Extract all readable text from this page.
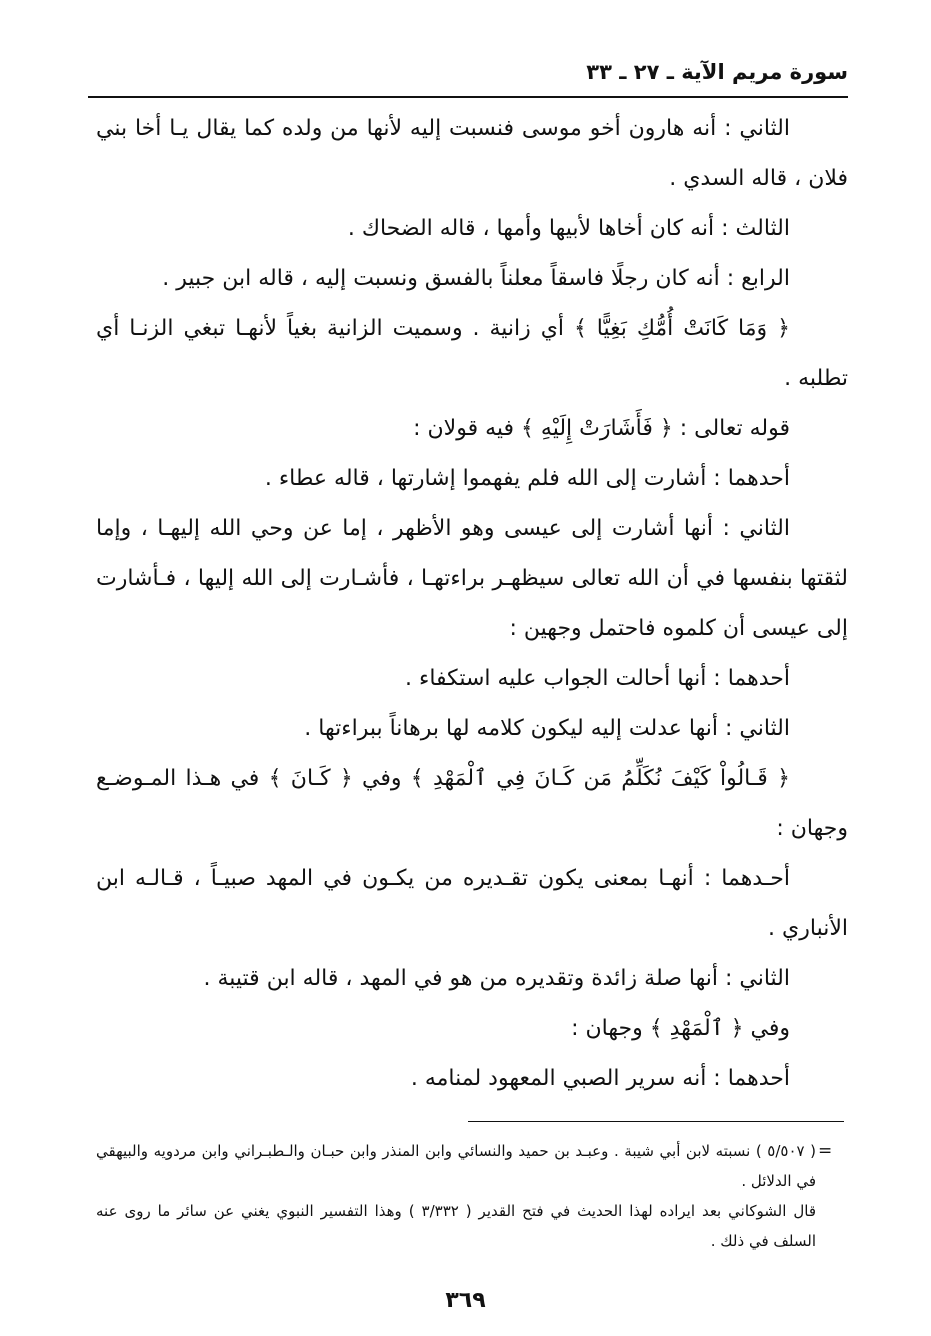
سورة مريم الآية ـ ٢٧ ـ ٣٣

الثاني : أنه هارون أخو موسى فنسبت إليه لأنها من ولده كما يقال يـا أخا بني فلان ، قاله السدي .

الثالث : أنه كان أخاها لأبيها وأمها ، قاله الضحاك .

الرابع : أنه كان رجلًا فاسقاً معلناً بالفسق ونسبت إليه ، قاله ابن جبير .

﴿ وَمَا كَانَتْ أُمُّكِ بَغِيًّا ﴾ أي زانية . وسميت الزانية بغياً لأنهـا تبغي الزنـا أي تطلبه .

قوله تعالى : ﴿ فَأَشَارَتْ إِلَيْهِ ﴾ فيه قولان :

أحدهما : أشارت إلى الله فلم يفهموا إشارتها ، قاله عطاء .

الثاني : أنها أشارت إلى عيسى وهو الأظهر ، إما عن وحي الله إليهـا ، وإما لثقتها بنفسها في أن الله تعالى سيظهـر براءتهـا ، فأشـارت إلى الله إليها ، فـأشارت إلى عيسى أن كلموه فاحتمل وجهين :

أحدهما : أنها أحالت الجواب عليه استكفاء .

الثاني : أنها عدلت إليه ليكون كلامه لها برهاناً ببراءتها .

﴿ قَـالُواْ كَيْفَ نُكَلِّمُ مَن كَـانَ فِي ٱلْمَهْدِ ﴾ وفي ﴿ كَـانَ ﴾ في هـذا المـوضـع وجهان :

أحـدهما : أنهـا بمعنى يكون تقـديره من يكـون في المهد صبيـاً ، قـالـه ابن الأنباري .

الثاني : أنها صلة زائدة وتقديره من هو في المهد ، قاله ابن قتيبة .

وفي ﴿ ٱلْمَهْدِ ﴾ وجهان :

أحدهما : أنه سرير الصبي المعهود لمنامه .

=

( ٥/٥٠٧ ) نسبته لابن أبي شيبة . وعبـد بن حميد والنسائي وابن المنذر وابن حبـان والـطبـراني وابن مردويه والبيهقي في الدلائل .

قال الشوكاني بعد ايراده لهذا الحديث في فتح القدير ( ٣/٣٣٢ ) وهذا التفسير النبوي يغني عن سائر ما روى عنه السلف في ذلك .

٣٦٩
